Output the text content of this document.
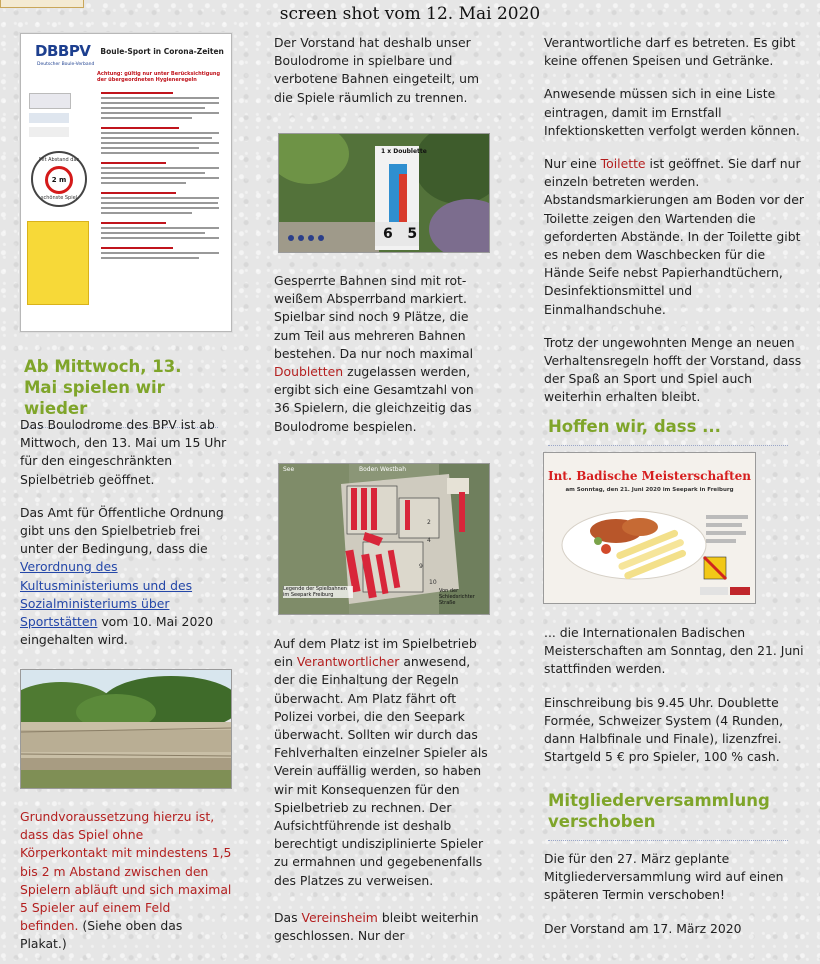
screen shot vom 12. Mai 2020
DBBPV Boule-Sport in Corona-Zeiten
Deutscher Boule-Verband
Achtung: gültig nur unter Berücksichtigung der übergeordneten Hygieneregeln
Mit Abstand das
2 m
schönste Spiel
Ab Mittwoch, 13. Mai spielen wir wieder

Das Boulodrome des BPV ist ab Mittwoch, den 13. Mai um 15 Uhr für den eingeschränkten Spielbetrieb geöffnet.

Das Amt für Öffentliche Ordnung gibt uns den Spielbetrieb frei unter der Bedingung, dass die Verordnung des Kultusministeriums und des Sozialministeriums über Sportstätten vom 10. Mai 2020 eingehalten wird.

Grundvoraussetzung hierzu ist, dass das Spiel ohne Körperkontakt mit mindestens 1,5 bis 2 m Abstand zwischen den Spielern abläuft und sich maximal 5 Spieler auf einem Feld befinden. (Siehe oben das Plakat.)
Der Vorstand hat deshalb unser Boulodrome in spielbare und verbotene Bahnen eingeteilt, um die Spiele räumlich zu trennen.
1 x Doublette
6   5
Gesperrte Bahnen sind mit rot-weißem Absperrband markiert. Spielbar sind noch 9 Plätze, die zum Teil aus mehreren Bahnen bestehen. Da nur noch maximal Doubletten zugelassen werden, ergibt sich eine Gesamtzahl von 36 Spielern, die gleichzeitig das Boulodrome bespielen.
2
4
9
10
See	Boden Westbah
Legende der Spielbahnen im Seepark Freiburg
Von der Schiedsrichter Straße
Auf dem Platz ist im Spielbetrieb ein Verantwortlicher anwesend, der die Einhaltung der Regeln überwacht. Am Platz fährt oft Polizei vorbei, die den Seepark überwacht. Sollten wir durch das Fehlverhalten einzelner Spieler als Verein auffällig werden, so haben wir mit Konsequenzen für den Spielbetrieb zu rechnen. Der Aufsichtführende ist deshalb berechtigt undisziplinierte Spieler zu ermahnen und gegebenenfalls des Platzes zu verweisen.
Das Vereinsheim bleibt weiterhin geschlossen. Nur der

Verantwortliche darf es betreten. Es gibt keine offenen Speisen und Getränke.

Anwesende müssen sich in eine Liste eintragen, damit im Ernstfall Infektionsketten verfolgt werden können.

Nur eine Toilette ist geöffnet. Sie darf nur einzeln betreten werden. Abstandsmarkierungen am Boden vor der Toilette zeigen den Wartenden die geforderten Abstände. In der Toilette gibt es neben dem Waschbecken für die Hände Seife nebst Papierhandtüchern, Desinfektionsmittel und Einmalhandschuhe.

Trotz der ungewohnten Menge an neuen Verhaltensregeln hofft der Vorstand, dass der Spaß an Sport und Spiel auch weiterhin erhalten bleibt.

Hoffen wir, dass ...
Int. Badische Meisterschaften
am Sonntag, den 21. Juni 2020 im Seepark in Freiburg

... die Internationalen Badischen Meisterschaften am Sonntag, den 21. Juni stattfinden werden.

Einschreibung bis 9.45 Uhr. Doublette Formée, Schweizer System (4 Runden, dann Halbfinale und Finale), lizenzfrei. Startgeld 5 € pro Spieler, 100 % cash.

Mitgliederversammlung verschoben

Die für den 27. März geplante Mitgliederversammlung wird auf einen späteren Termin verschoben!

Der Vorstand am 17. März 2020
